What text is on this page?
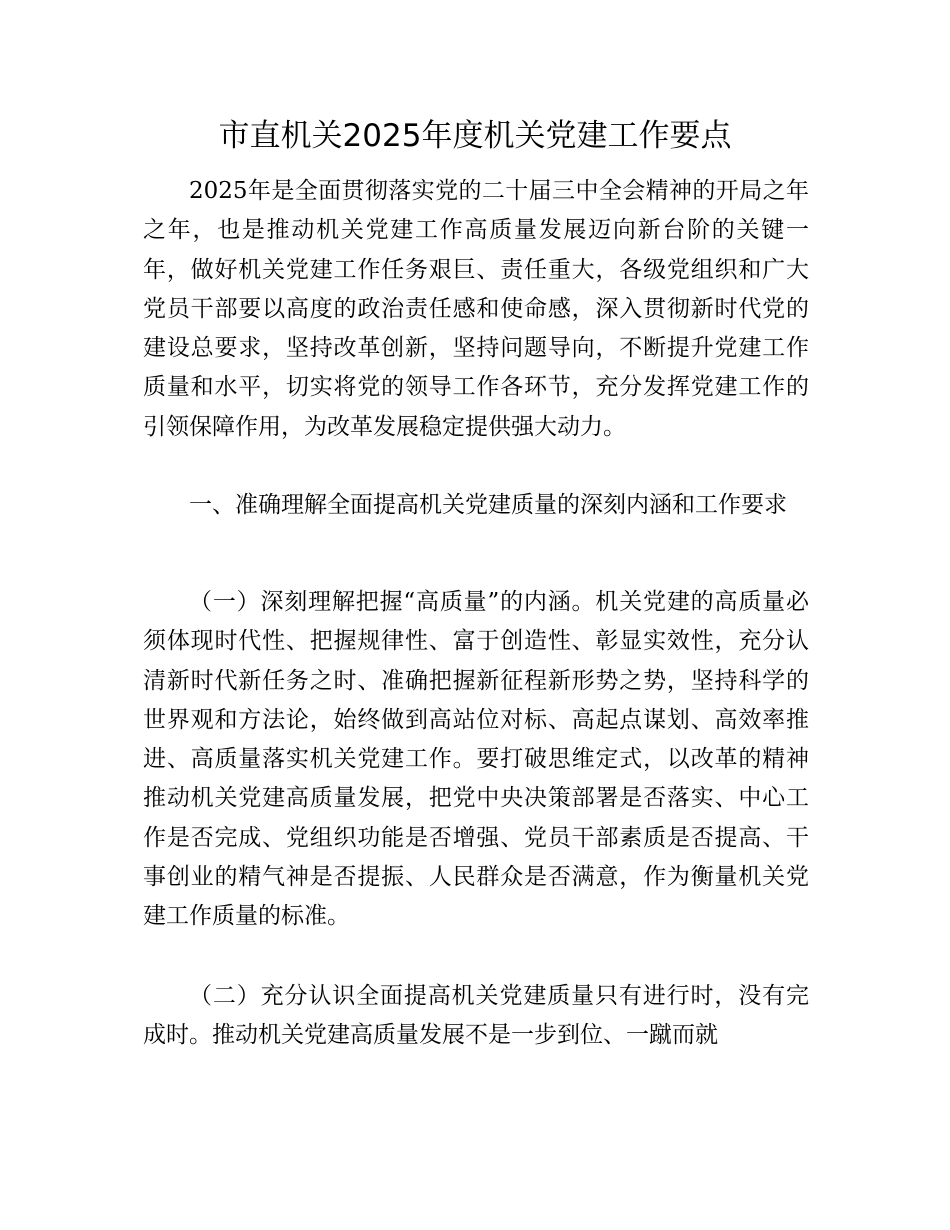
市直机关2025年度机关党建工作要点

2025年是全面贯彻落实党的二十届三中全会精神的开局之年之年，也是推动机关党建工作高质量发展迈向新台阶的关键一年，做好机关党建工作任务艰巨、责任重大，各级党组织和广大党员干部要以高度的政治责任感和使命感，深入贯彻新时代党的建设总要求，坚持改革创新，坚持问题导向，不断提升党建工作质量和水平，切实将党的领导工作各环节，充分发挥党建工作的引领保障作用，为改革发展稳定提供强大动力。

一、准确理解全面提高机关党建质量的深刻内涵和工作要求

（一）深刻理解把握“高质量”的内涵。机关党建的高质量必须体现时代性、把握规律性、富于创造性、彰显实效性，充分认清新时代新任务之时、准确把握新征程新形势之势，坚持科学的世界观和方法论，始终做到高站位对标、高起点谋划、高效率推进、高质量落实机关党建工作。要打破思维定式，以改革的精神推动机关党建高质量发展，把党中央决策部署是否落实、中心工作是否完成、党组织功能是否增强、党员干部素质是否提高、干事创业的精气神是否提振、人民群众是否满意，作为衡量机关党建工作质量的标准。

（二）充分认识全面提高机关党建质量只有进行时，没有完成时。推动机关党建高质量发展不是一步到位、一蹴而就
